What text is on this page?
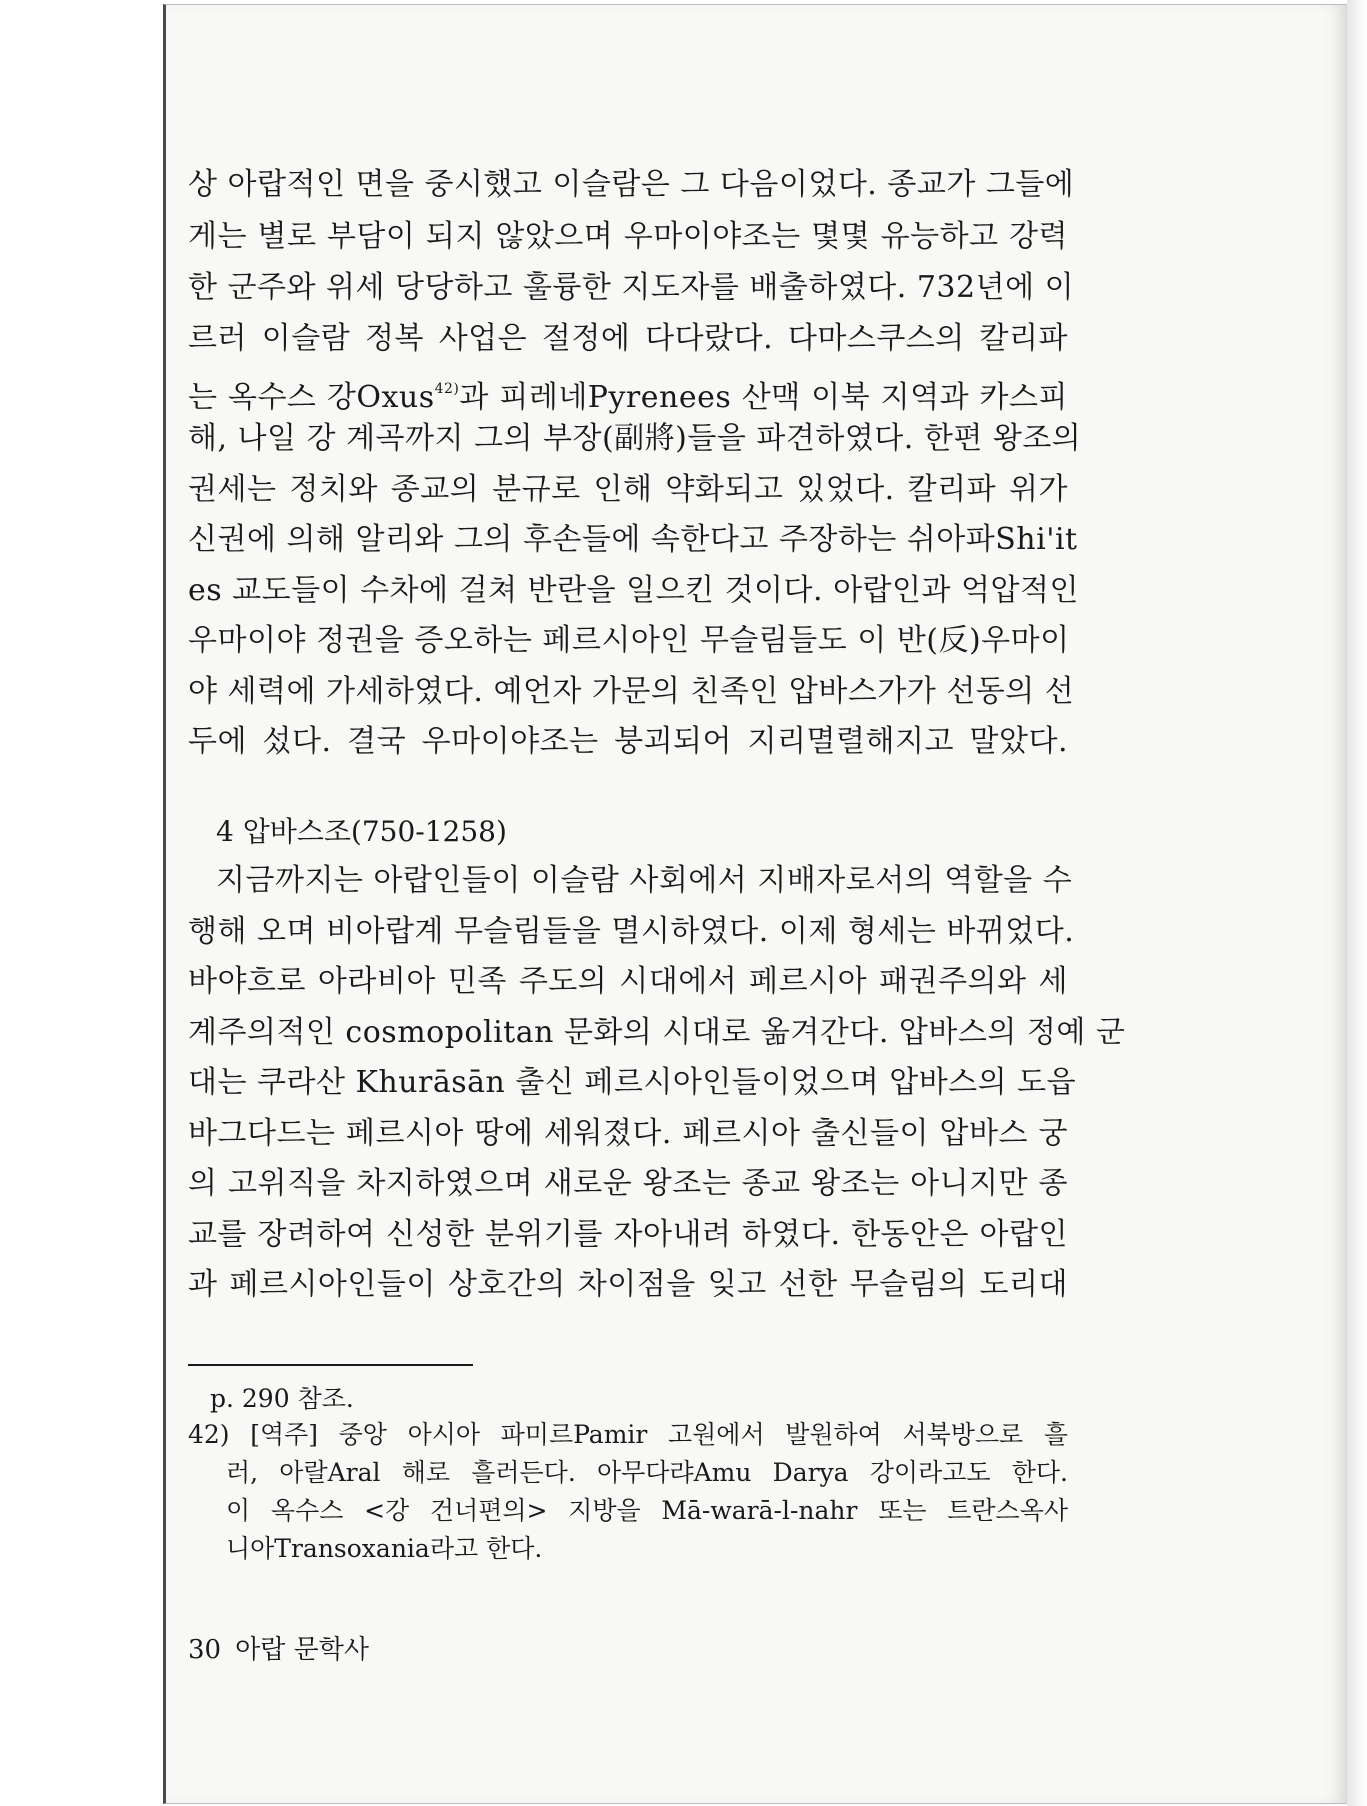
상 아랍적인 면을 중시했고 이슬람은 그 다음이었다. 종교가 그들에
게는 별로 부담이 되지 않았으며 우마이야조는 몇몇 유능하고 강력
한 군주와 위세 당당하고 훌륭한 지도자를 배출하였다. 732년에 이
르러 이슬람 정복 사업은 절정에 다다랐다. 다마스쿠스의 칼리파
는 옥수스 강Oxus$^{42)}$과 피레네Pyrenees 산맥 이북 지역과 카스피
해, 나일 강 계곡까지 그의 부장(副將)들을 파견하였다. 한편 왕조의
권세는 정치와 종교의 분규로 인해 약화되고 있었다. 칼리파 위가
신권에 의해 알리와 그의 후손들에 속한다고 주장하는 쉬아파Shi'it
es 교도들이 수차에 걸쳐 반란을 일으킨 것이다. 아랍인과 억압적인
우마이야 정권을 증오하는 페르시아인 무슬림들도 이 반(反)우마이
야 세력에 가세하였다. 예언자 가문의 친족인 압바스가가 선동의 선
두에 섰다. 결국 우마이야조는 붕괴되어 지리멸렬해지고 말았다.
4 압바스조(750-1258)
지금까지는 아랍인들이 이슬람 사회에서 지배자로서의 역할을 수
행해 오며 비아랍계 무슬림들을 멸시하였다. 이제 형세는 바뀌었다.
바야흐로 아라비아 민족 주도의 시대에서 페르시아 패권주의와 세
계주의적인 cosmopolitan 문화의 시대로 옮겨간다. 압바스의 정예 군
대는 쿠라산 Khurāsān 출신 페르시아인들이었으며 압바스의 도읍
바그다드는 페르시아 땅에 세워졌다. 페르시아 출신들이 압바스 궁
의 고위직을 차지하였으며 새로운 왕조는 종교 왕조는 아니지만 종
교를 장려하여 신성한 분위기를 자아내려 하였다. 한동안은 아랍인
과 페르시아인들이 상호간의 차이점을 잊고 선한 무슬림의 도리대
p. 290 참조.
42) [역주] 중앙 아시아 파미르Pamir 고원에서 발원하여 서북방으로 흘
러, 아랄Aral 해로 흘러든다. 아무다랴Amu Darya 강이라고도 한다.
이 옥수스 <강 건너편의> 지방을 Mā-warā-l-nahr 또는 트란스옥사
니아Transoxania라고 한다.
30 아랍 문학사
